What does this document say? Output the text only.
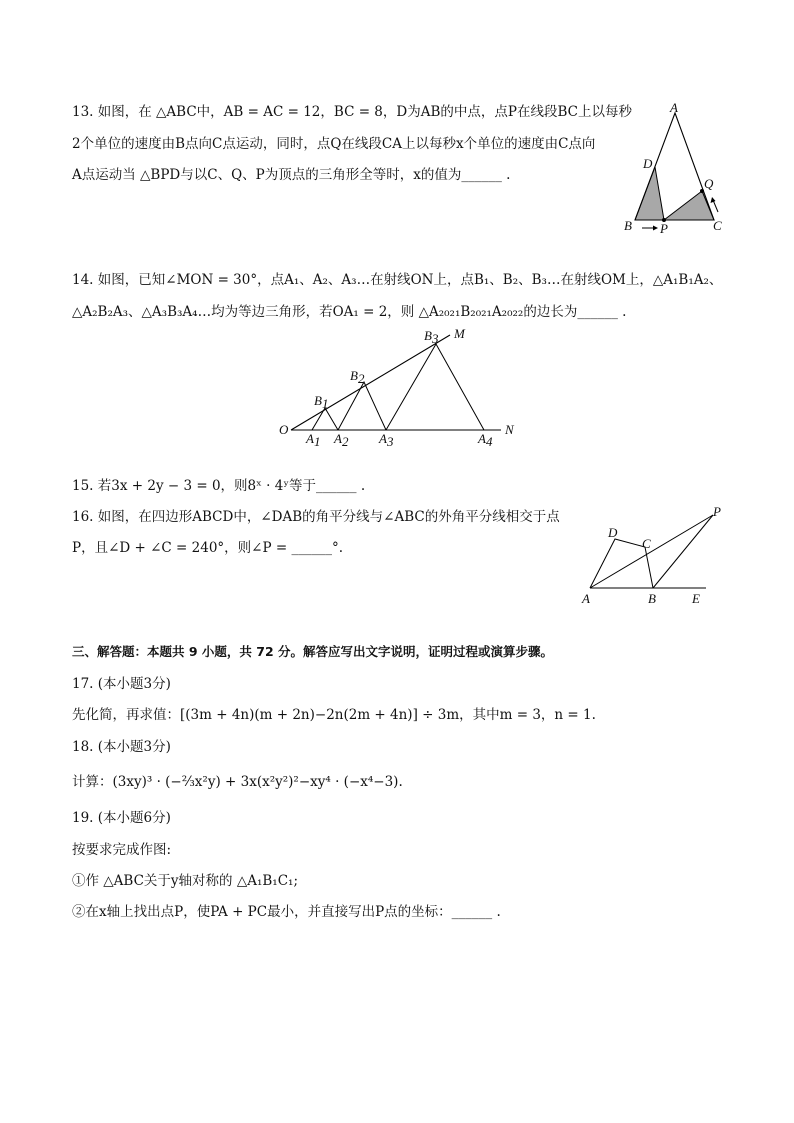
13. 如图，在 △ABC中，AB = AC = 12，BC = 8，D为AB的中点，点P在线段BC上以每秒
2个单位的速度由B点向C点运动，同时，点Q在线段CA上以每秒x个单位的速度由C点向
A点运动当 △BPD与以C、Q、P为顶点的三角形全等时，x的值为______ .
A
D
Q
B P	C
14. 如图，已知∠MON = 30°，点A₁、A₂、A₃…在射线ON上，点B₁、B₂、B₃…在射线OM上，△A₁B₁A₂、
△A₂B₂A₃、△A₃B₃A₄…均为等边三角形，若OA₁ = 2，则 △A₂₀₂₁B₂₀₂₁A₂₀₂₂的边长为______ .
O
M
N
B1
B2
B3
A1 A2 A3	A4
15. 若3x + 2y − 3 = 0，则8ˣ · 4ʸ等于______ .
16. 如图，在四边形ABCD中，∠DAB的角平分线与∠ABC的外角平分线相交于点
P，且∠D + ∠C = 240°，则∠P = ______°.
D
C
P
A	B	E
三、解答题：本题共 9 小题，共 72 分。解答应写出文字说明，证明过程或演算步骤。
17. (本小题3分)
先化简，再求值：[(3m + 4n)(m + 2n)−2n(2m + 4n)] ÷ 3m，其中m = 3，n = 1.
18. (本小题3分)
计算：(3xy)³ · (−⅔x²y) + 3x(x²y²)²−xy⁴ · (−x⁴−3).
19. (本小题6分)
按要求完成作图:
①作 △ABC关于y轴对称的 △A₁B₁C₁;
②在x轴上找出点P，使PA + PC最小，并直接写出P点的坐标：______ .
